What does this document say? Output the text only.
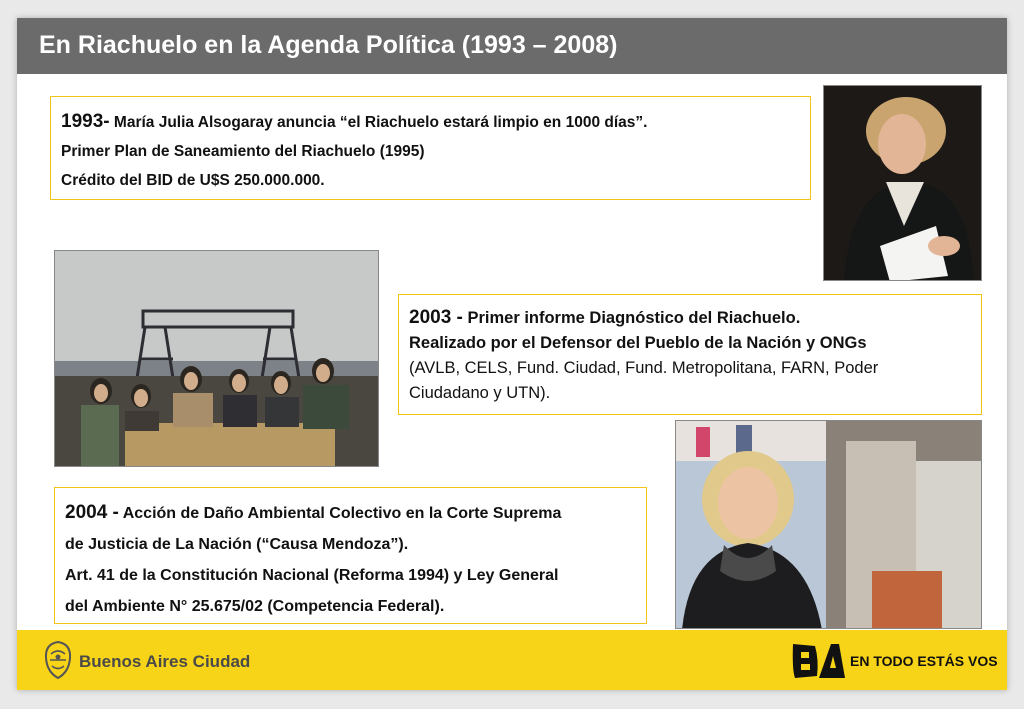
En Riachuelo en la Agenda Política (1993 – 2008)

1993- María Julia Alsogaray anuncia “el Riachuelo estará limpio en 1000 días”.

Primer Plan de Saneamiento del Riachuelo (1995)

Crédito del BID de U$S 250.000.000.

2003 - Primer informe Diagnóstico del Riachuelo.

Realizado por el Defensor del Pueblo de la Nación y ONGs

(AVLB, CELS, Fund. Ciudad, Fund. Metropolitana, FARN, Poder

Ciudadano y UTN).

2004 - Acción de Daño Ambiental Colectivo en la Corte Suprema

de Justicia de La Nación (“Causa Mendoza”).

Art. 41 de la Constitución Nacional (Reforma 1994) y Ley General

del Ambiente N° 25.675/02 (Competencia Federal).

Buenos Aires Ciudad	EN TODO ESTÁS VOS
